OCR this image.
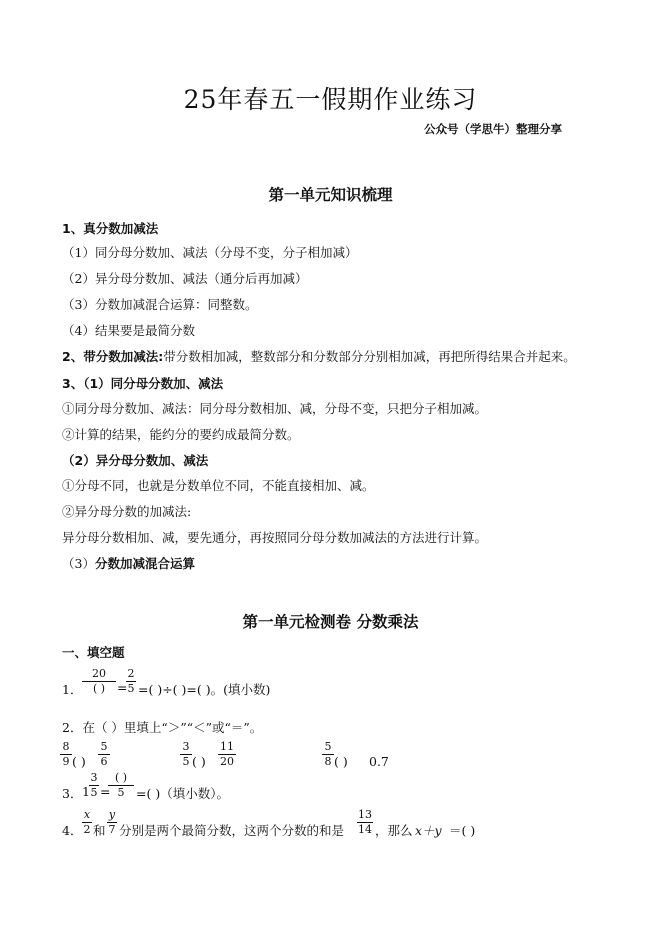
25年春五一假期作业练习
公众号（学思牛）整理分享
第一单元知识梳理
1、真分数加减法
（1）同分母分数加、减法（分母不变，分子相加减）
（2）异分母分数加、减法（通分后再加减）
（3）分数加减混合运算：同整数。
（4）结果要是最简分数
2、带分数加减法:带分数相加减，整数部分和分数部分分别相加减，再把所得结果合并起来。
3、（1）同分母分数加、减法
①同分母分数加、减法：同分母分数相加、减，分母不变，只把分子相加减。
②计算的结果，能约分的要约成最简分数。
（2）异分母分数加、减法
①分母不同，也就是分数单位不同，不能直接相加、减。
②异分母分数的加减法:
异分母分数相加、减，要先通分，再按照同分母分数加减法的方法进行计算。
（3）分数加减混合运算
第一单元检测卷 分数乘法
一、填空题
1．
20
( ) =
2
5 =( )÷( )=( )。(填小数)
2．在（ ）里填上“＞”“＜”或“＝”。
8
9 ( )
5
6
3
5 ( )
11
20
5
8 ( ) 0.7
3． 1
3
5 =
( )
5 =( )（填小数）。
4．
x
2 和
y
7 分别是两个最简分数，这两个分数的和是
13
14 ，那么 x＋y ＝( )
